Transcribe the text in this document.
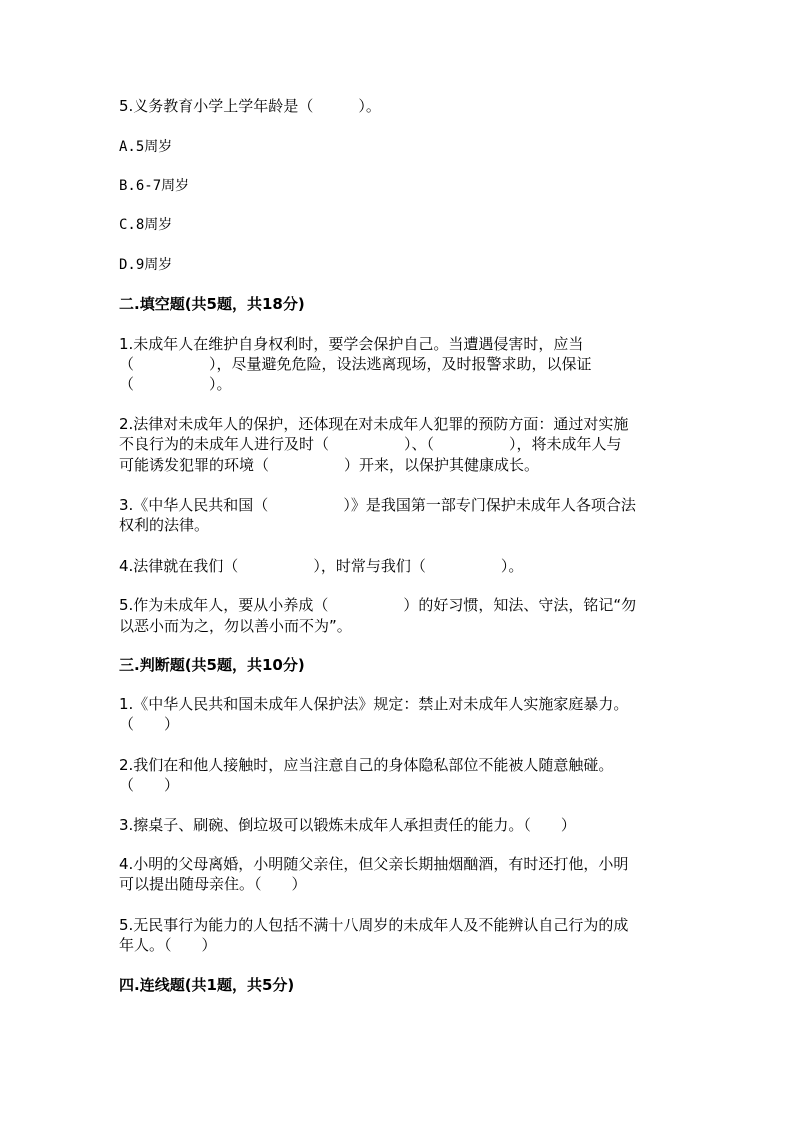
5.义务教育小学上学年龄是（　　　）。
A.5周岁
B.6-7周岁
C.8周岁
D.9周岁
二.填空题(共5题，共18分)
1.未成年人在维护自身权利时，要学会保护自己。当遭遇侵害时，应当
（　　　　　），尽量避免危险，设法逃离现场，及时报警求助，以保证
（　　　　　）。
2.法律对未成年人的保护，还体现在对未成年人犯罪的预防方面：通过对实施
不良行为的未成年人进行及时（　　　　　）、（　　　　　），将未成年人与
可能诱发犯罪的环境（　　　　　）开来，以保护其健康成长。
3.《中华人民共和国（　　　　　）》是我国第一部专门保护未成年人各项合法
权利的法律。
4.法律就在我们（　　　　　），时常与我们（　　　　　）。
5.作为未成年人，要从小养成（　　　　　）的好习惯，知法、守法，铭记“勿
以恶小而为之，勿以善小而不为”。
三.判断题(共5题，共10分)
1.《中华人民共和国未成年人保护法》规定：禁止对未成年人实施家庭暴力。
（　　）
2.我们在和他人接触时，应当注意自己的身体隐私部位不能被人随意触碰。
（　　）
3.擦桌子、刷碗、倒垃圾可以锻炼未成年人承担责任的能力。（　　）
4.小明的父母离婚，小明随父亲住，但父亲长期抽烟酗酒，有时还打他，小明
可以提出随母亲住。（　　）
5.无民事行为能力的人包括不满十八周岁的未成年人及不能辨认自己行为的成
年人。（　　）
四.连线题(共1题，共5分)
